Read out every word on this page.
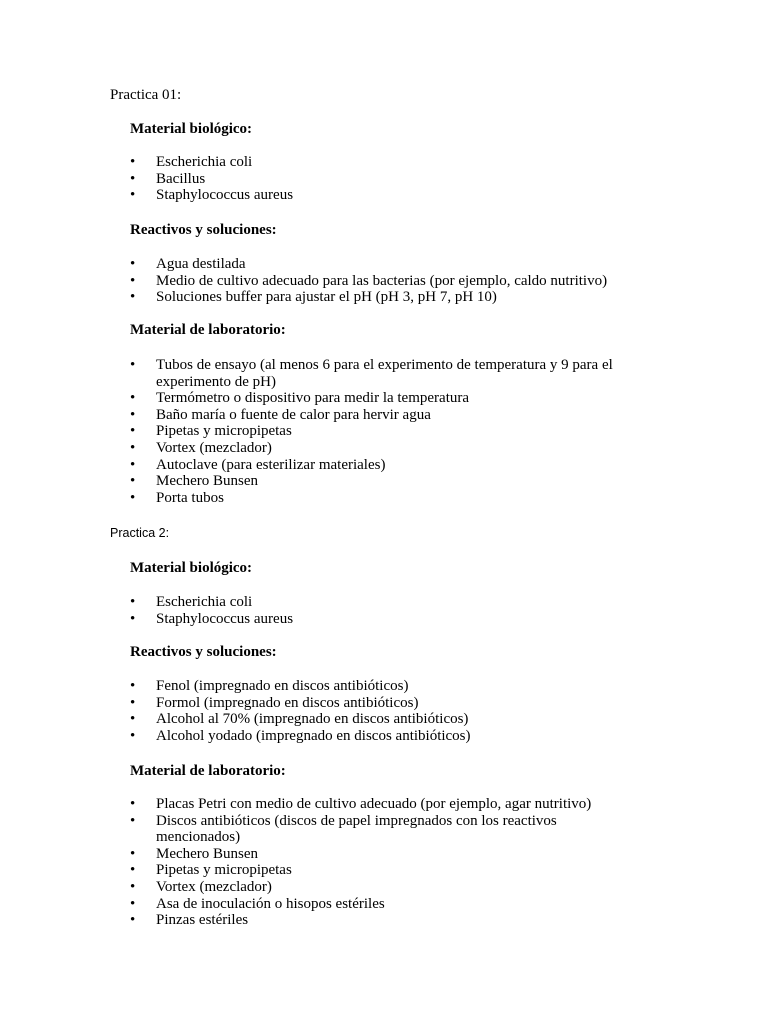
Practica 01:

Material biológico:

•	Escherichia coli
•	Bacillus
•	Staphylococcus aureus

Reactivos y soluciones:

•	Agua destilada
•	Medio de cultivo adecuado para las bacterias (por ejemplo, caldo nutritivo)
•	Soluciones buffer para ajustar el pH (pH 3, pH 7, pH 10)

Material de laboratorio:

•	Tubos de ensayo (al menos 6 para el experimento de temperatura y 9 para el experimento de pH)
•	Termómetro o dispositivo para medir la temperatura
•	Baño maría o fuente de calor para hervir agua
•	Pipetas y micropipetas
•	Vortex (mezclador)
•	Autoclave (para esterilizar materiales)
•	Mechero Bunsen
•	Porta tubos

Practica 2:

Material biológico:

•	Escherichia coli
•	Staphylococcus aureus

Reactivos y soluciones:

•	Fenol (impregnado en discos antibióticos)
•	Formol (impregnado en discos antibióticos)
•	Alcohol al 70% (impregnado en discos antibióticos)
•	Alcohol yodado (impregnado en discos antibióticos)

Material de laboratorio:

•	Placas Petri con medio de cultivo adecuado (por ejemplo, agar nutritivo)
•	Discos antibióticos (discos de papel impregnados con los reactivos mencionados)
•	Mechero Bunsen
•	Pipetas y micropipetas
•	Vortex (mezclador)
•	Asa de inoculación o hisopos estériles
•	Pinzas estériles
